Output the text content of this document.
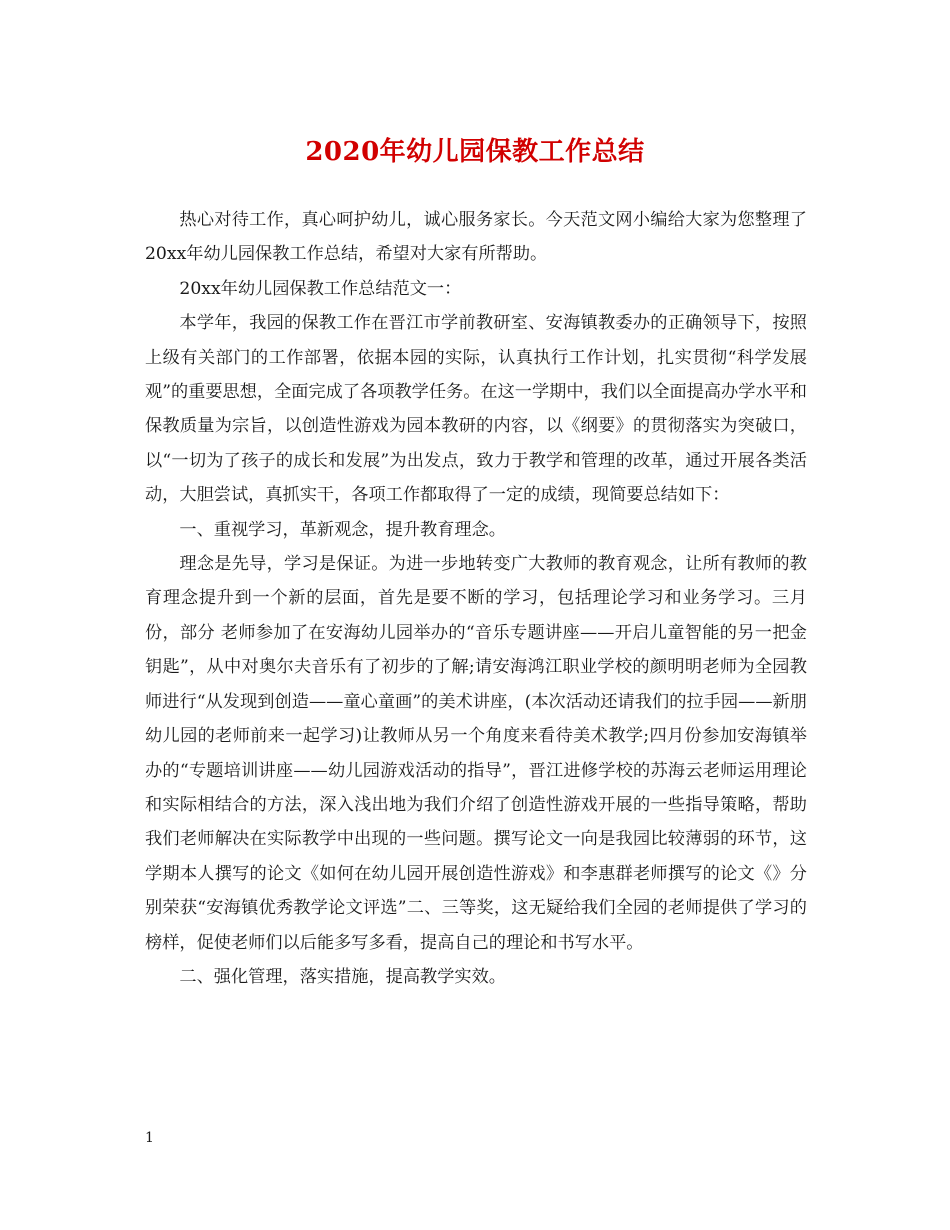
2020年幼儿园保教工作总结

热心对待工作，真心呵护幼儿，诚心服务家长。今天范文网小编给大家为您整理了20xx年幼儿园保教工作总结，希望对大家有所帮助。

20xx年幼儿园保教工作总结范文一：

本学年，我园的保教工作在晋江市学前教研室、安海镇教委办的正确领导下，按照上级有关部门的工作部署，依据本园的实际，认真执行工作计划，扎实贯彻“科学发展观”的重要思想，全面完成了各项教学任务。在这一学期中，我们以全面提高办学水平和保教质量为宗旨，以创造性游戏为园本教研的内容，以《纲要》的贯彻落实为突破口，以“一切为了孩子的成长和发展”为出发点，致力于教学和管理的改革，通过开展各类活动，大胆尝试，真抓实干，各项工作都取得了一定的成绩，现简要总结如下：

一、重视学习，革新观念，提升教育理念。

理念是先导，学习是保证。为进一步地转变广大教师的教育观念，让所有教师的教育理念提升到一个新的层面，首先是要不断的学习，包括理论学习和业务学习。三月份，部分 老师参加了在安海幼儿园举办的“音乐专题讲座——开启儿童智能的另一把金钥匙”，从中对奥尔夫音乐有了初步的了解;请安海鸿江职业学校的颜明明老师为全园教师进行“从发现到创造——童心童画”的美术讲座，(本次活动还请我们的拉手园——新朋幼儿园的老师前来一起学习)让教师从另一个角度来看待美术教学;四月份参加安海镇举办的“专题培训讲座——幼儿园游戏活动的指导”，晋江进修学校的苏海云老师运用理论和实际相结合的方法，深入浅出地为我们介绍了创造性游戏开展的一些指导策略，帮助我们老师解决在实际教学中出现的一些问题。撰写论文一向是我园比较薄弱的环节，这学期本人撰写的论文《如何在幼儿园开展创造性游戏》和李惠群老师撰写的论文《》分别荣获“安海镇优秀教学论文评选”二、三等奖，这无疑给我们全园的老师提供了学习的榜样，促使老师们以后能多写多看，提高自己的理论和书写水平。

二、强化管理，落实措施，提高教学实效。

1
